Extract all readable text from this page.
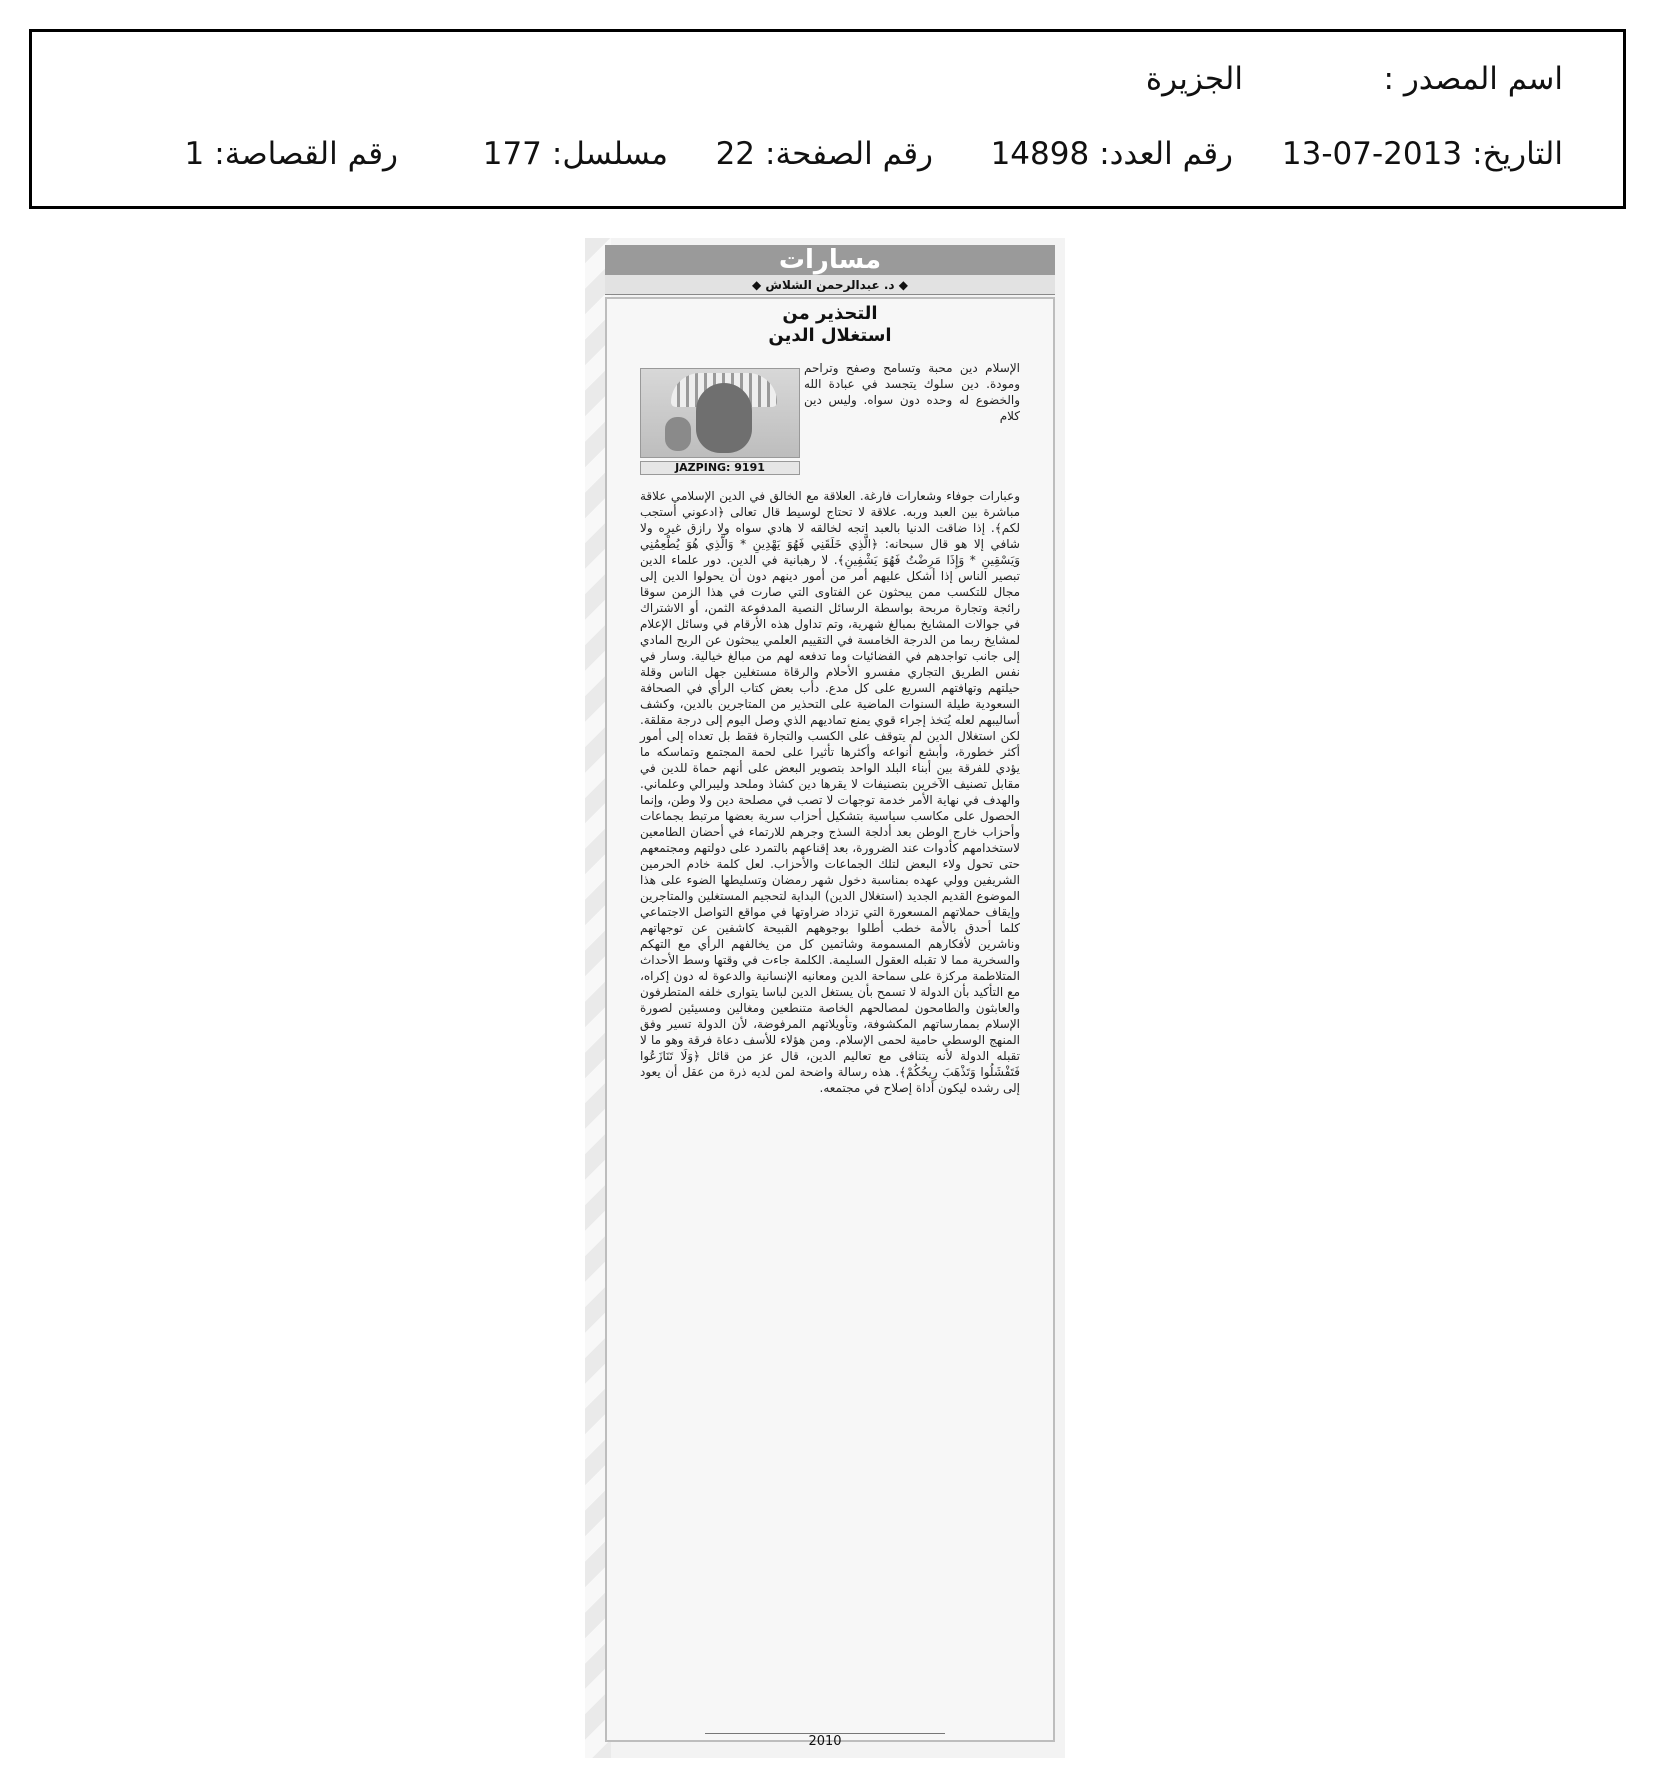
اسم المصدر :
الجزيرة
التاريخ:2013-07-13
رقم العدد:14898
رقم الصفحة:22
مسلسل:177
رقم القصاصة:1
مسارات
◆ د. عبدالرحمن الشلاش ◆
التحذير من
استغلال الدين
JAZPING: 9191
الإسلام دين محبة وتسامح وصفح وتراحم ومودة. دين سلوك يتجسد في عبادة الله والخضوع له وحده دون سواه. وليس دين كلام
وعبارات جوفاء وشعارات فارغة. العلاقة مع الخالق في الدين الإسلامي علاقة مباشرة بين العبد وربه. علاقة لا تحتاج لوسيط قال تعالى ﴿ادعوني أستجب لكم﴾. إذا ضاقت الدنيا بالعبد اتجه لخالقه لا هادي سواه ولا رازق غيره ولا شافي إلا هو قال سبحانه: ﴿الَّذِي خَلَقَنِي فَهُوَ يَهْدِينِ * وَالَّذِي هُوَ يُطْعِمُنِي وَيَسْقِينِ * وَإِذَا مَرِضْتُ فَهُوَ يَشْفِينِ﴾. لا رهبانية في الدين. دور علماء الدين تبصير الناس إذا أشكل عليهم أمر من أمور دينهم دون أن يحولوا الدين إلى مجال للتكسب ممن يبحثون عن الفتاوى التي صارت في هذا الزمن سوقا رائجة وتجارة مربحة بواسطة الرسائل النصية المدفوعة الثمن، أو الاشتراك في جوالات المشايخ بمبالغ شهرية، وتم تداول هذه الأرقام في وسائل الإعلام لمشايخ ربما من الدرجة الخامسة في التقييم العلمي يبحثون عن الربح المادي إلى جانب تواجدهم في الفضائيات وما تدفعه لهم من مبالغ خيالية. وسار في نفس الطريق التجاري مفسرو الأحلام والرقاة مستغلين جهل الناس وقلة حيلتهم وتهافتهم السريع على كل مدع. دأب بعض كتاب الرأي في الصحافة السعودية طيلة السنوات الماضية على التحذير من المتاجرين بالدين، وكشف أساليبهم لعله يُتخذ إجراء قوي يمنع تماديهم الذي وصل اليوم إلى درجة مقلقة. لكن استغلال الدين لم يتوقف على الكسب والتجارة فقط بل تعداه إلى أمور أكثر خطورة، وأبشع أنواعه وأكثرها تأثيرا على لحمة المجتمع وتماسكه ما يؤدي للفرقة بين أبناء البلد الواحد بتصوير البعض على أنهم حماة للدين في مقابل تصنيف الآخرين بتصنيفات لا يقرها دين كشاذ وملحد وليبرالي وعلماني. والهدف في نهاية الأمر خدمة توجهات لا تصب في مصلحة دين ولا وطن، وإنما الحصول على مكاسب سياسية بتشكيل أحزاب سرية بعضها مرتبط بجماعات وأحزاب خارج الوطن بعد أدلجة السذج وجرهم للارتماء في أحضان الطامعين لاستخدامهم كأدوات عند الضرورة، بعد إقناعهم بالتمرد على دولتهم ومجتمعهم حتى تحول ولاء البعض لتلك الجماعات والأحزاب. لعل كلمة خادم الحرمين الشريفين وولي عهده بمناسبة دخول شهر رمضان وتسليطها الضوء على هذا الموضوع القديم الجديد (استغلال الدين) البداية لتحجيم المستغلين والمتاجرين وإيقاف حملاتهم المسعورة التي تزداد ضراوتها في مواقع التواصل الاجتماعي كلما أحدق بالأمة خطب أطلوا بوجوههم القبيحة كاشفين عن توجهاتهم وناشرين لأفكارهم المسمومة وشاتمين كل من يخالفهم الرأي مع التهكم والسخرية مما لا تقبله العقول السليمة. الكلمة جاءت في وقتها وسط الأحداث المتلاطمة مركزة على سماحة الدين ومعانيه الإنسانية والدعوة له دون إكراه، مع التأكيد بأن الدولة لا تسمح بأن يستغل الدين لباسا يتوارى خلفه المتطرفون والعابثون والطامحون لمصالحهم الخاصة متنطعين ومغالين ومسيئين لصورة الإسلام بممارساتهم المكشوفة، وتأويلاتهم المرفوضة، لأن الدولة تسير وفق المنهج الوسطي حامية لحمى الإسلام. ومن هؤلاء للأسف دعاة فرقة وهو ما لا تقبله الدولة لأنه يتنافى مع تعاليم الدين، قال عز من قائل ﴿وَلَا تَنَازَعُوا فَتَفْشَلُوا وَتَذْهَبَ رِيحُكُمْ﴾. هذه رسالة واضحة لمن لديه ذرة من عقل أن يعود إلى رشده ليكون أداة إصلاح في مجتمعه.
2010
